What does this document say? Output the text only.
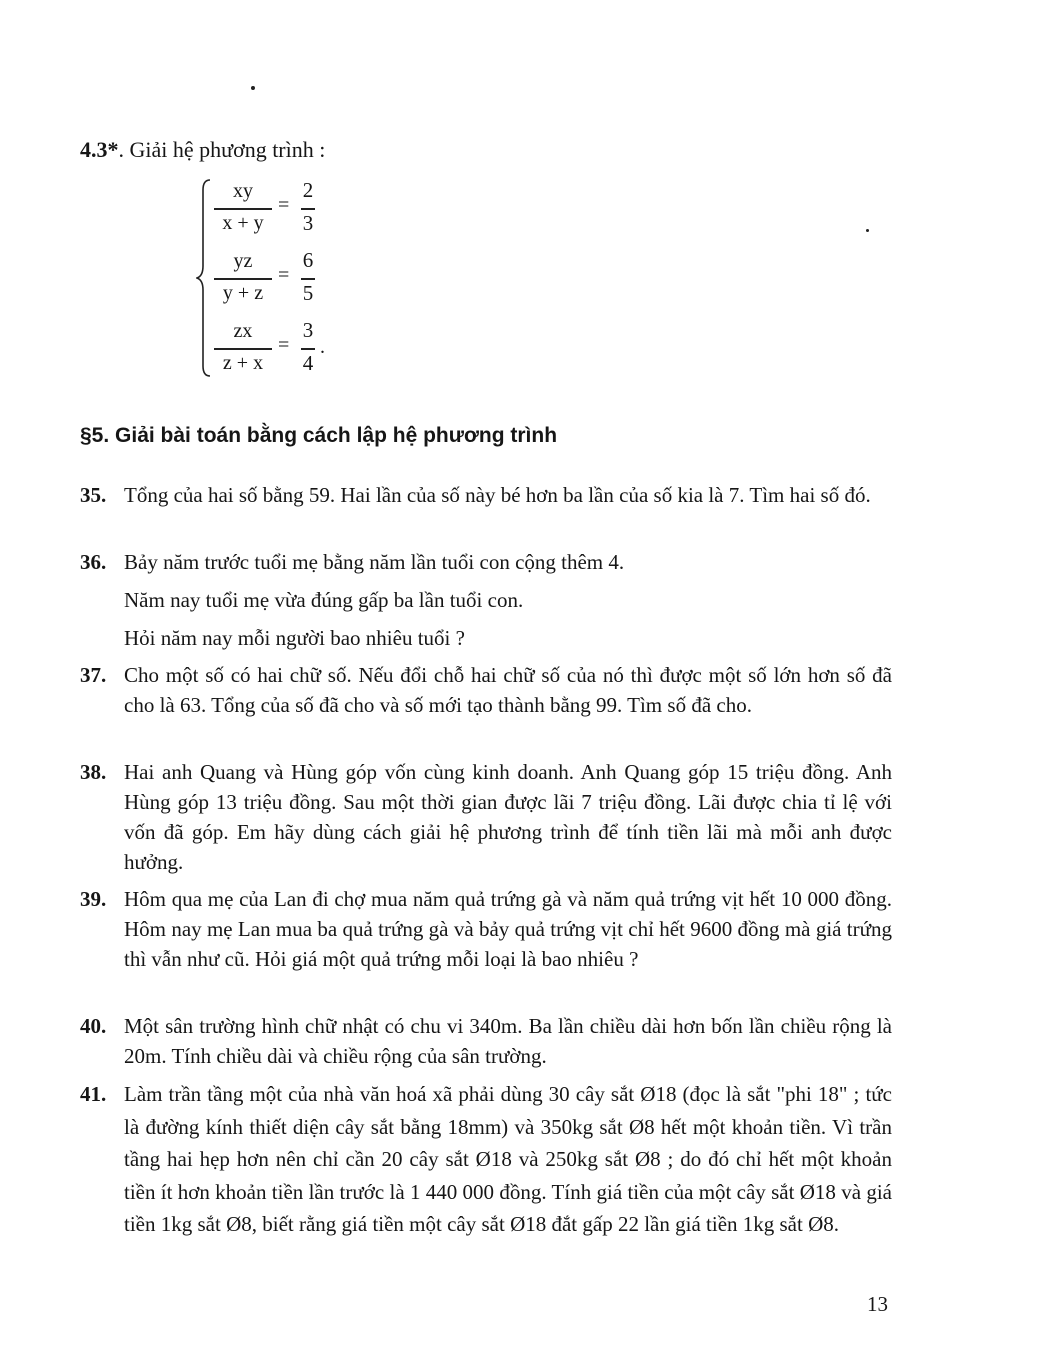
4.3*. Giải hệ phương trình :
xy
x + y
=
2
3
yz
y + z
=
6
5
zx
z + x
=
3
4
.
§5. Giải bài toán bằng cách lập hệ phương trình
35. Tổng của hai số bằng 59. Hai lần của số này bé hơn ba lần của số kia là 7. Tìm hai số đó.

36. Bảy năm trước tuổi mẹ bằng năm lần tuổi con cộng thêm 4.

Năm nay tuổi mẹ vừa đúng gấp ba lần tuổi con.

Hỏi năm nay mỗi người bao nhiêu tuổi ?

37. Cho một số có hai chữ số. Nếu đổi chỗ hai chữ số của nó thì được một số lớn hơn số đã cho là 63. Tổng của số đã cho và số mới tạo thành bằng 99. Tìm số đã cho.

38. Hai anh Quang và Hùng góp vốn cùng kinh doanh. Anh Quang góp 15 triệu đồng. Anh Hùng góp 13 triệu đồng. Sau một thời gian được lãi 7 triệu đồng. Lãi được chia tỉ lệ với vốn đã góp. Em hãy dùng cách giải hệ phương trình để tính tiền lãi mà mỗi anh được hưởng.

39. Hôm qua mẹ của Lan đi chợ mua năm quả trứng gà và năm quả trứng vịt hết 10 000 đồng. Hôm nay mẹ Lan mua ba quả trứng gà và bảy quả trứng vịt chỉ hết 9600 đồng mà giá trứng thì vẫn như cũ. Hỏi giá một quả trứng mỗi loại là bao nhiêu ?

40. Một sân trường hình chữ nhật có chu vi 340m. Ba lần chiều dài hơn bốn lần chiều rộng là 20m. Tính chiều dài và chiều rộng của sân trường.

41. Làm trần tầng một của nhà văn hoá xã phải dùng 30 cây sắt Ø18 (đọc là sắt "phi 18" ; tức là đường kính thiết diện cây sắt bằng 18mm) và 350kg sắt Ø8 hết một khoản tiền. Vì trần tầng hai hẹp hơn nên chỉ cần 20 cây sắt Ø18 và 250kg sắt Ø8 ; do đó chỉ hết một khoản tiền ít hơn khoản tiền lần trước là 1 440 000 đồng. Tính giá tiền của một cây sắt Ø18 và giá tiền 1kg sắt Ø8, biết rằng giá tiền một cây sắt Ø18 đắt gấp 22 lần giá tiền 1kg sắt Ø8.

13
